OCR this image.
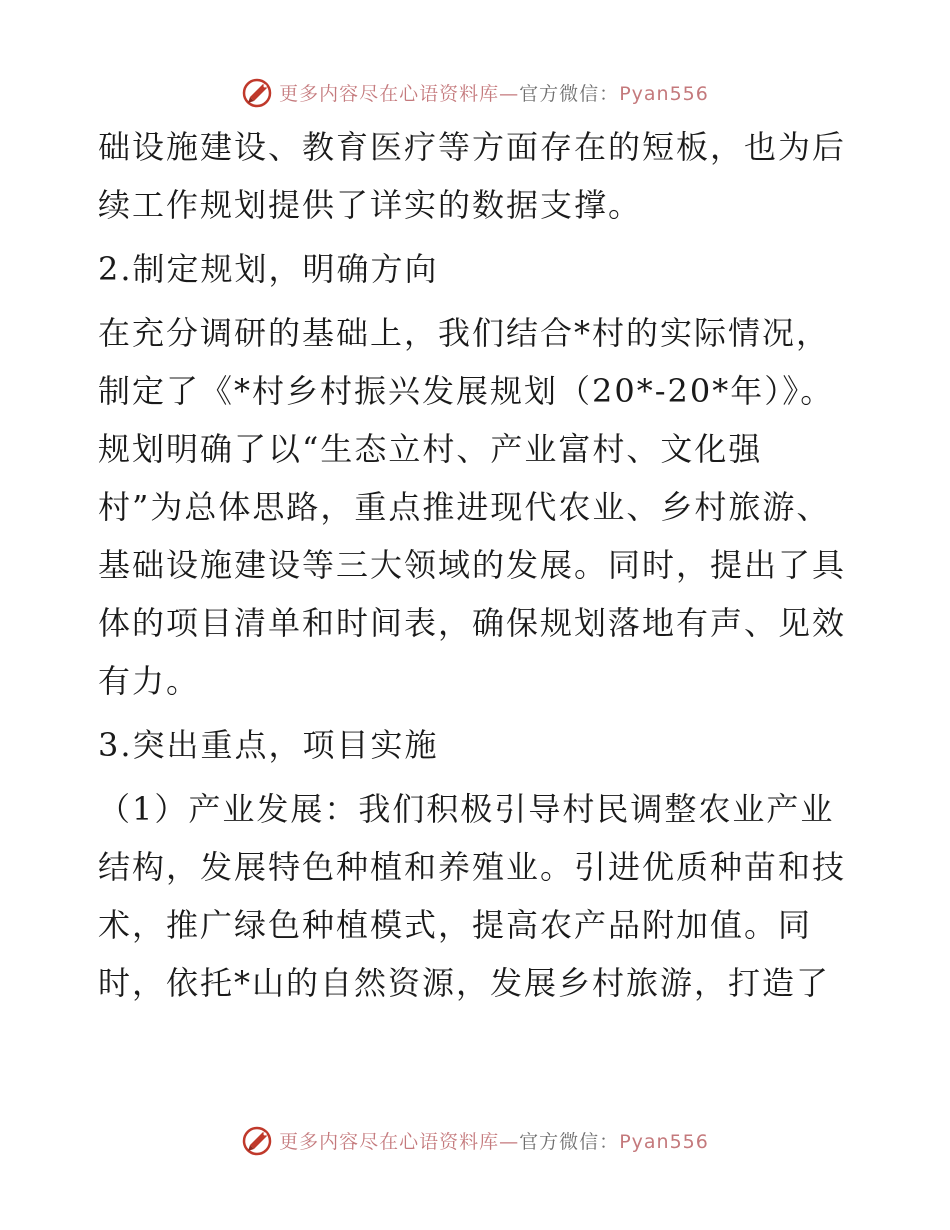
更多内容尽在心语资料库—官方微信：Pyan556
础设施建设、教育医疗等方面存在的短板，也为后
续工作规划提供了详实的数据支撑。
2.制定规划，明确方向
在充分调研的基础上，我们结合*村的实际情况，
制定了《*村乡村振兴发展规划（20*-20*年）》。
规划明确了以“生态立村、产业富村、文化强
村”为总体思路，重点推进现代农业、乡村旅游、
基础设施建设等三大领域的发展。同时，提出了具
体的项目清单和时间表，确保规划落地有声、见效
有力。
3.突出重点，项目实施
（1）产业发展：我们积极引导村民调整农业产业
结构，发展特色种植和养殖业。引进优质种苗和技
术，推广绿色种植模式，提高农产品附加值。同
时，依托*山的自然资源，发展乡村旅游，打造了
更多内容尽在心语资料库—官方微信：Pyan556
